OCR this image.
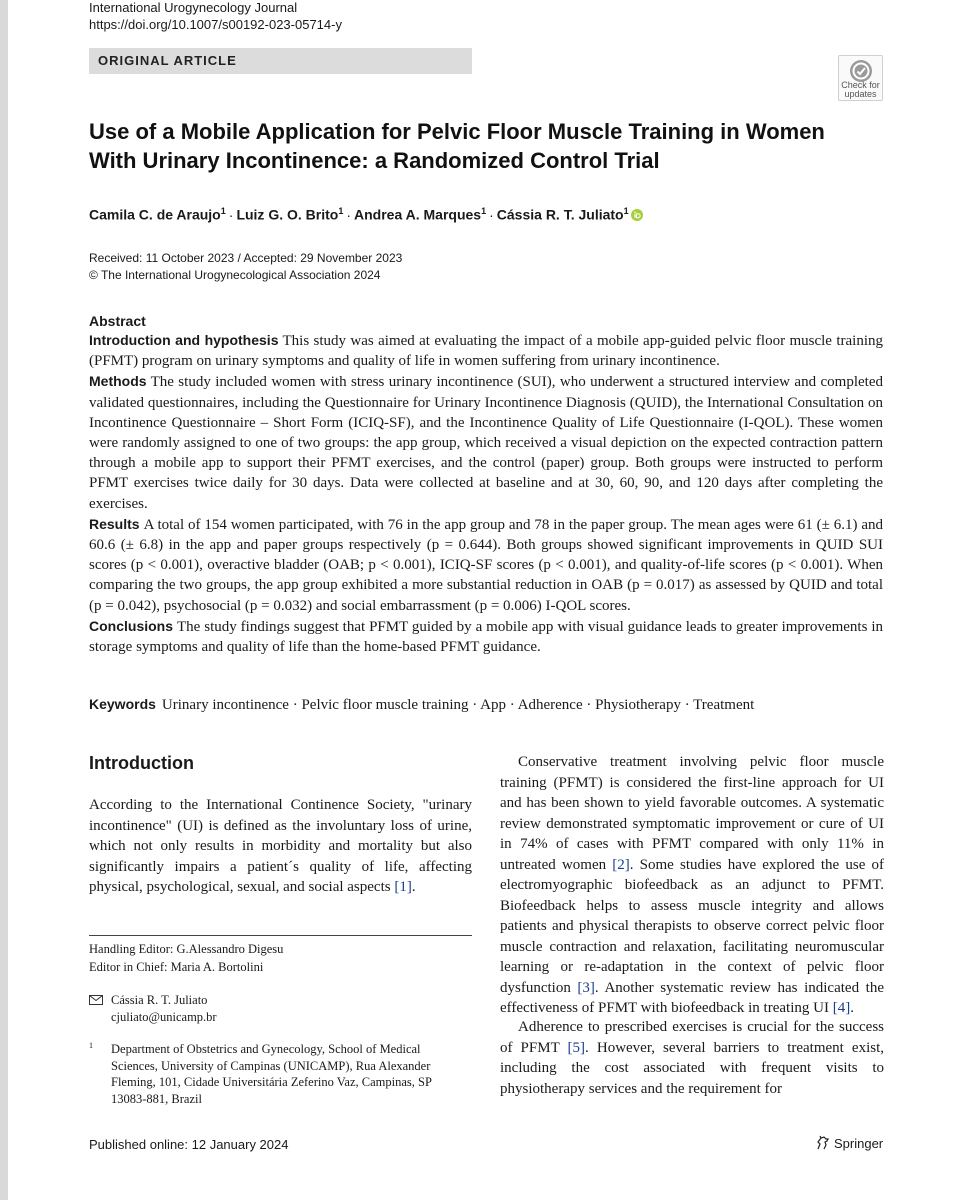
International Urogynecology Journal
https://doi.org/10.1007/s00192-023-05714-y
ORIGINAL ARTICLE
Check for
updates
Use of a Mobile Application for Pelvic Floor Muscle Training in Women
With Urinary Incontinence: a Randomized Control Trial
Camila C. de Araujo$^1$ · Luiz G. O. Brito$^1$ · Andrea A. Marques$^1$ · Cássia R. T. Juliato$^1$
Received: 11 October 2023 / Accepted: 29 November 2023
© The International Urogynecological Association 2024
Abstract

Introduction and hypothesis This study was aimed at evaluating the impact of a mobile app-guided pelvic floor muscle training (PFMT) program on urinary symptoms and quality of life in women suffering from urinary incontinence.

Methods The study included women with stress urinary incontinence (SUI), who underwent a structured interview and completed validated questionnaires, including the Questionnaire for Urinary Incontinence Diagnosis (QUID), the International Consultation on Incontinence Questionnaire – Short Form (ICIQ-SF), and the Incontinence Quality of Life Questionnaire (I-QOL). These women were randomly assigned to one of two groups: the app group, which received a visual depiction on the expected contraction pattern through a mobile app to support their PFMT exercises, and the control (paper) group. Both groups were instructed to perform PFMT exercises twice daily for 30 days. Data were collected at baseline and at 30, 60, 90, and 120 days after completing the exercises.

Results A total of 154 women participated, with 76 in the app group and 78 in the paper group. The mean ages were 61 (± 6.1) and 60.6 (± 6.8) in the app and paper groups respectively (p = 0.644). Both groups showed significant improvements in QUID SUI scores (p < 0.001), overactive bladder (OAB; p < 0.001), ICIQ-SF scores (p < 0.001), and quality-of-life scores (p < 0.001). When comparing the two groups, the app group exhibited a more substantial reduction in OAB (p = 0.017) as assessed by QUID and total (p = 0.042), psychosocial (p = 0.032) and social embarrassment (p = 0.006) I-QOL scores.

Conclusions The study findings suggest that PFMT guided by a mobile app with visual guidance leads to greater improvements in storage symptoms and quality of life than the home-based PFMT guidance.

Keywords Urinary incontinence · Pelvic floor muscle training · App · Adherence · Physiotherapy · Treatment
Introduction

According to the International Continence Society, "urinary incontinence" (UI) is defined as the involuntary loss of urine, which not only results in morbidity and mortality but also significantly impairs a patient´s quality of life, affecting physical, psychological, sexual, and social aspects [1].

Handling Editor: G.Alessandro Digesu
Editor in Chief: Maria A. Bortolini
Cássia R. T. Juliato
cjuliato@unicamp.br
1 Department of Obstetrics and Gynecology, School of Medical Sciences, University of Campinas (UNICAMP), Rua Alexander Fleming, 101, Cidade Universitária Zeferino Vaz, Campinas, SP 13083-881, Brazil

Conservative treatment involving pelvic floor muscle training (PFMT) is considered the first-line approach for UI and has been shown to yield favorable outcomes. A systematic review demonstrated symptomatic improvement or cure of UI in 74% of cases with PFMT compared with only 11% in untreated women [2]. Some studies have explored the use of electromyographic biofeedback as an adjunct to PFMT. Biofeedback helps to assess muscle integrity and allows patients and physical therapists to observe correct pelvic floor muscle contraction and relaxation, facilitating neuromuscular learning or re-adaptation in the context of pelvic floor dysfunction [3]. Another systematic review has indicated the effectiveness of PFMT with biofeedback in treating UI [4].

Adherence to prescribed exercises is crucial for the success of PFMT [5]. However, several barriers to treatment exist, including the cost associated with frequent visits to physiotherapy services and the requirement for

Published online: 12 January 2024	Springer
